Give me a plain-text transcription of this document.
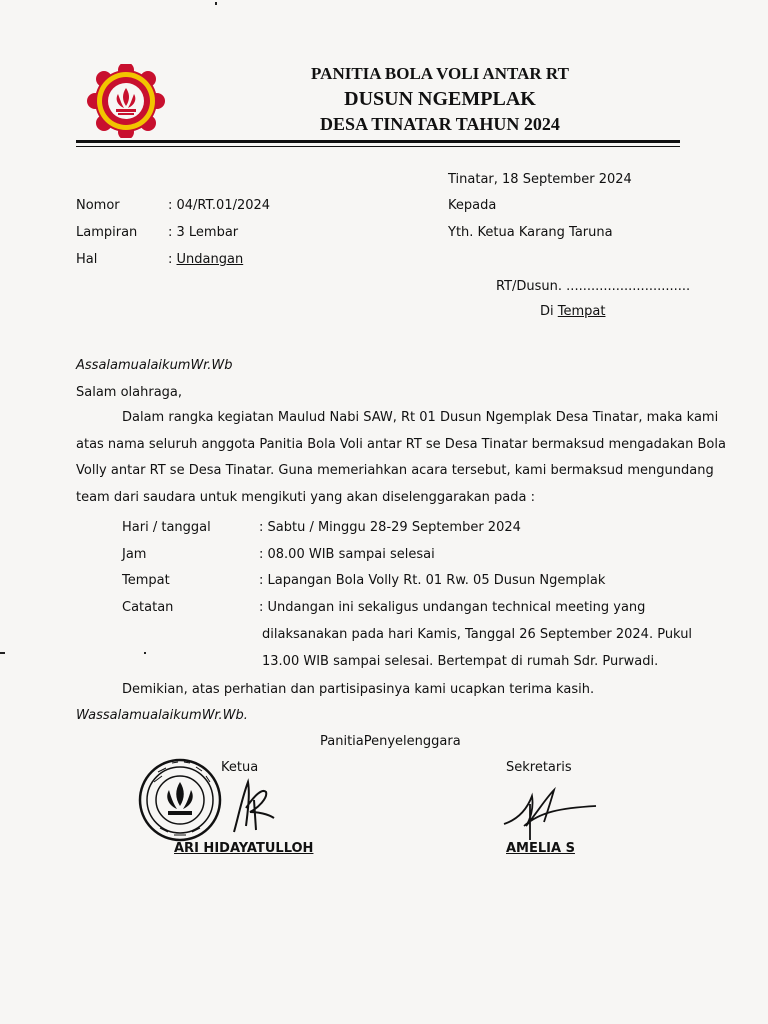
PANITIA BOLA VOLI ANTAR RT
DUSUN NGEMPLAK
DESA TINATAR TAHUN 2024
Tinatar, 18 September 2024
Kepada
Yth. Ketua Karang Taruna
RT/Dusun. ..............................
Di Tempat
Nomor	: 04/RT.01/2024
Lampiran : 3 Lembar
Hal	: Undangan
AssalamualaikumWr.Wb
Salam olahraga,
Dalam rangka kegiatan Maulud Nabi SAW, Rt 01 Dusun Ngemplak Desa Tinatar, maka kami
atas nama seluruh anggota Panitia Bola Voli antar RT se Desa Tinatar bermaksud mengadakan Bola
Volly antar RT se Desa Tinatar. Guna memeriahkan acara tersebut, kami bermaksud mengundang
team dari saudara untuk mengikuti yang akan diselenggarakan pada :
Hari / tanggal	: Sabtu / Minggu 28-29 September 2024
Jam	: 08.00 WIB sampai selesai
Tempat	: Lapangan Bola Volly Rt. 01 Rw. 05 Dusun Ngemplak
Catatan	: Undangan ini sekaligus undangan technical meeting yang
dilaksanakan pada hari Kamis, Tanggal 26 September 2024. Pukul
13.00 WIB sampai selesai. Bertempat di rumah Sdr. Purwadi.
Demikian, atas perhatian dan partisipasinya kami ucapkan terima kasih.
WassalamualaikumWr.Wb.
PanitiaPenyelenggara
Ketua
ARI HIDAYATULLOH
Sekretaris
AMELIA S
